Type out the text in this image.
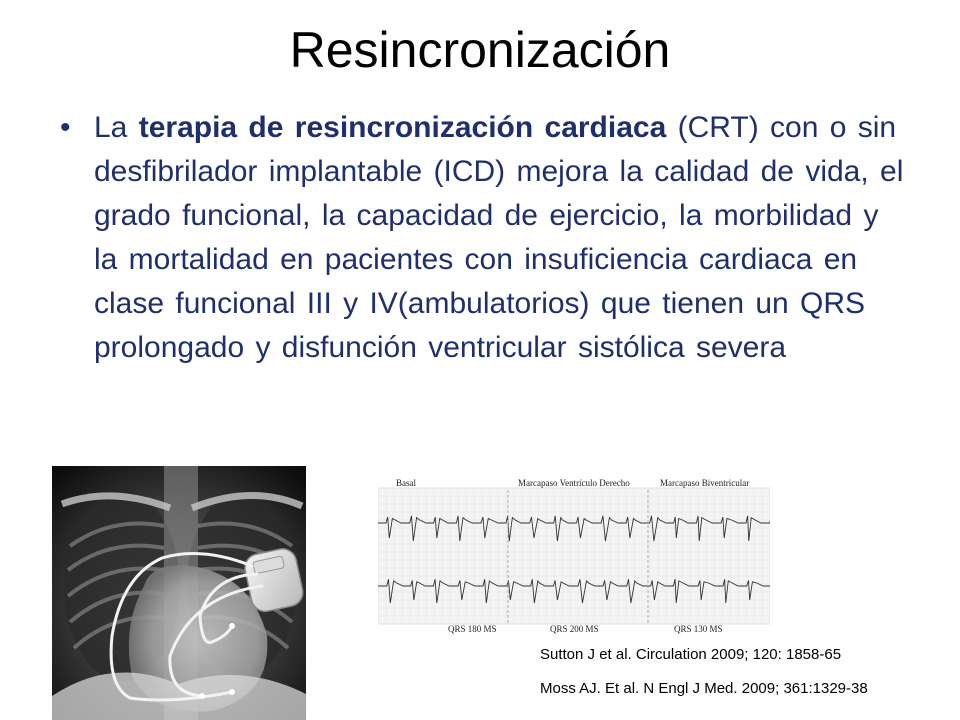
Resincronización
• La terapia de resincronización cardiaca (CRT) con o sin desfibrilador implantable (ICD) mejora la calidad de vida, el grado funcional, la capacidad de ejercicio, la morbilidad y la mortalidad en pacientes con insuficiencia cardiaca en clase funcional III y IV(ambulatorios) que tienen un QRS prolongado y disfunción ventricular sistólica severa
Basal	Marcapaso Ventrículo Derecho	Marcapaso Biventricular
QRS 180 MS	QRS 200 MS	QRS 130 MS
Sutton J et al. Circulation 2009; 120: 1858-65
Moss AJ. Et al. N Engl J Med. 2009; 361:1329-38
